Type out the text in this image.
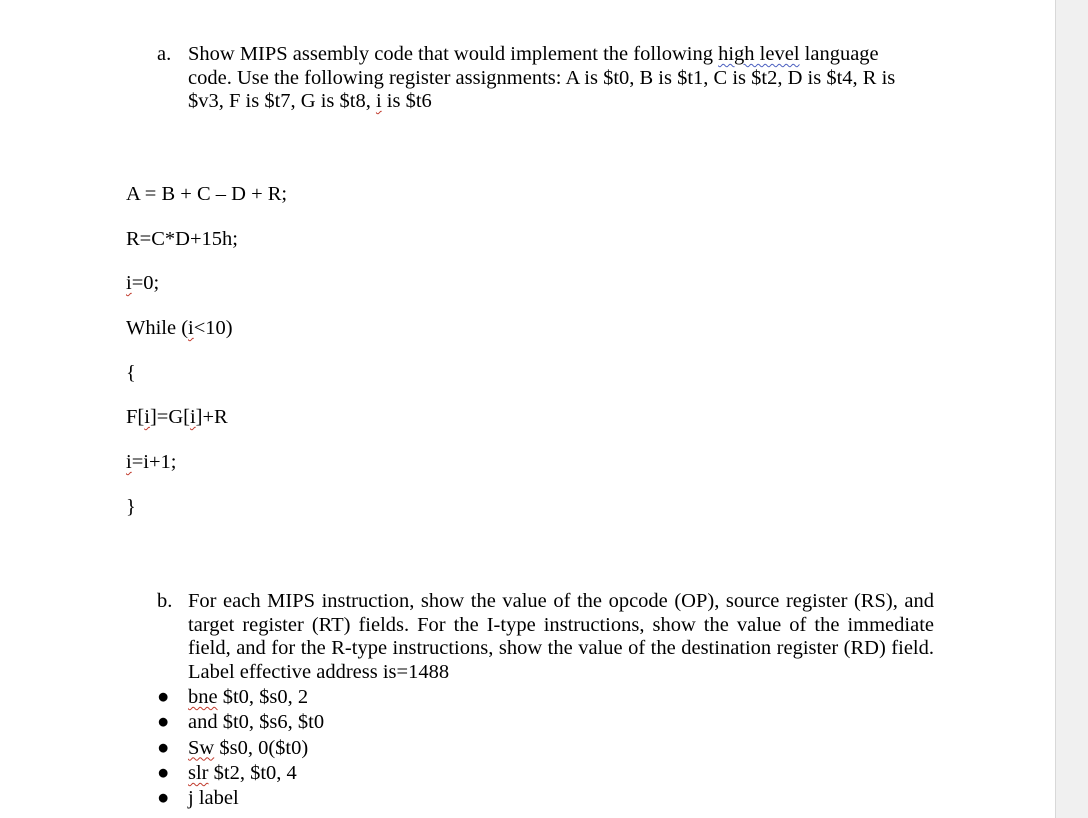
a. Show MIPS assembly code that would implement the following high level language code. Use the following register assignments: A is $t0, B is $t1, C is $t2, D is $t4, R is $v3, F is $t7, G is $t8, i is $t6
A = B + C – D + R;
R=C*D+15h;
i=0;
While (i<10)
{
F[i]=G[i]+R
i=i+1;
}
b. For each MIPS instruction, show the value of the opcode (OP), source register (RS), and target register (RT) fields. For the I-type instructions, show the value of the immediate field, and for the R-type instructions, show the value of the destination register (RD) field. Label effective address is=1488
● bne $t0, $s0, 2
● and $t0, $s6, $t0
● Sw $s0, 0($t0)
● slr $t2, $t0, 4
● j label
